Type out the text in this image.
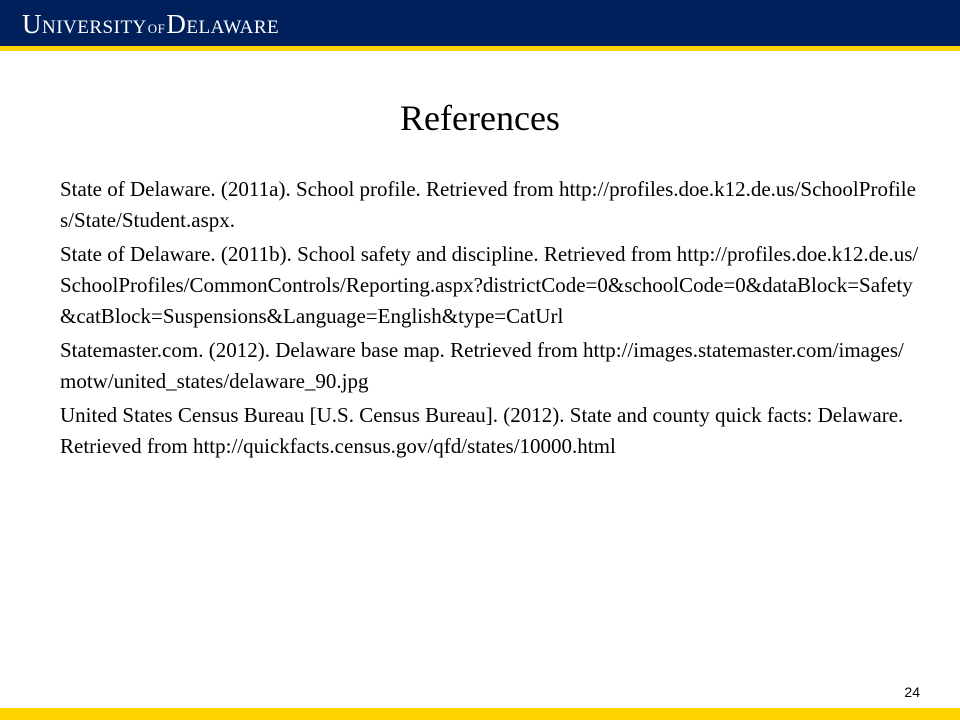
UNIVERSITYOFDELAWARE
References

State of Delaware. (2011a). School profile. Retrieved from http://profiles.doe.k12.de.us/SchoolProfiles/State/Student.aspx.

State of Delaware. (2011b). School safety and discipline. Retrieved from http://profiles.doe.k12.de.us/SchoolProfiles/CommonControls/Reporting.aspx?districtCode=0&schoolCode=0&dataBlock=Safety&catBlock=Suspensions&Language=English&type=CatUrl

Statemaster.com. (2012). Delaware base map. Retrieved from http://images.statemaster.com/images/motw/united_states/delaware_90.jpg

United States Census Bureau [U.S. Census Bureau]. (2012). State and county quick facts: Delaware. Retrieved from http://quickfacts.census.gov/qfd/states/10000.html

24
